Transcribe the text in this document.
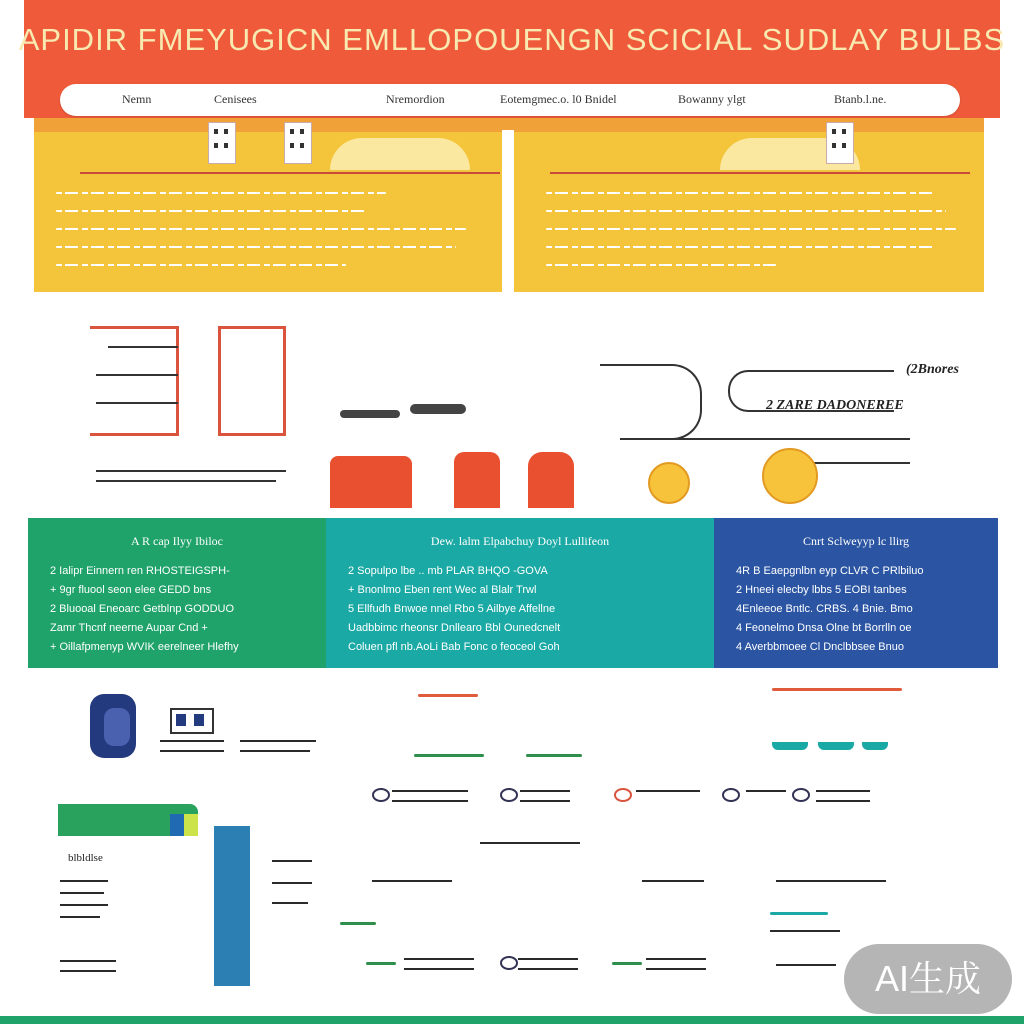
APIDIR FMEYUGICN EMLLOPOUENGN SCICIAL SUDLAY BULBS
Nemn	Cenisees	Nremordion	Eotemgmec.o. l0 Bnidel	Bowanny ylgt	Btanb.l.ne.
(2Bnores
2 ZARE DADONEREE
A R cap Ilyy Ibiloc
2 Ialipr Einnern ren RHOSTEIGSPH-
+ 9gr fluool seon elee GEDD bns
2 Bluooal Eneoarc Getblnp GODDUO
Zamr Thcnf neerne Aupar Cnd +
+ Oillafpmenyp WVIK eerelneer Hlefhy
Dew. lalm Elpabchuy Doyl Lullifeon
2 Sopulpo lbe .. mb PLAR BHQO -GOVA
+ Bnonlmo Eben rent Wec al Blalr Trwl
5 Ellfudh Bnwoe nnel Rbo 5 Ailbye Affellne
Uadbbimc rheonsr Dnllearo Bbl Ounedcnelt
Coluen pfl nb.AoLi Bab Fonc o feoceol Goh
Cnrt Sclweyyp lc llirg
4R B Eaepgnlbn eyp CLVR C PRlbiluo
2 Hneei elecby lbbs 5 EOBI tanbes
4Enleeoe Bntlc. CRBS. 4 Bnie. Bmo
4 Feonelmo Dnsa Olne bt Borrlln oe
4 Averbbmoee Cl Dnclbbsee Bnuo
blbldlse
AI生成
